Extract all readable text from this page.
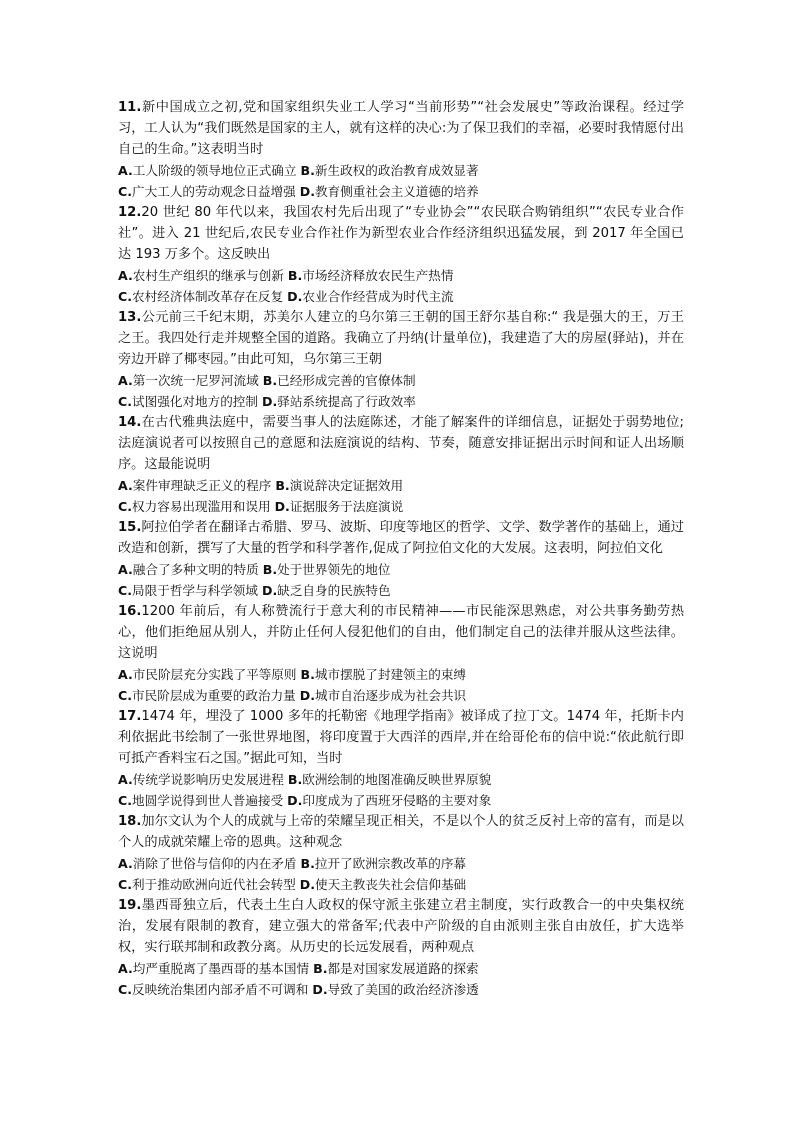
11.新中国成立之初,党和国家组织失业工人学习“当前形势”“社会发展史”等政治课程。经过学习，工人认为“我们既然是国家的主人，就有这样的决心:为了保卫我们的幸福，必要时我情愿付出自己的生命。”这表明当时

A.工人阶级的领导地位正式确立 B.新生政权的政治教育成效显著

C.广大工人的劳动观念日益增强 D.教育侧重社会主义道德的培养

12.20 世纪 80 年代以来，我国农村先后出现了“专业协会”“农民联合购销组织”“农民专业合作社”。进入 21 世纪后,农民专业合作社作为新型农业合作经济组织迅猛发展，到 2017 年全国已达 193 万多个。这反映出

A.农村生产组织的继承与创新 B.市场经济释放农民生产热情

C.农村经济体制改革存在反复 D.农业合作经营成为时代主流

13.公元前三千纪末期，苏美尔人建立的乌尔第三王朝的国王舒尔基自称:“ 我是强大的王，万王之王。我四处行走并规整全国的道路。我确立了丹纳(计量单位)，我建造了大的房屋(驿站)，并在旁边开辟了椰枣园。”由此可知，乌尔第三王朝

A.第一次统一尼罗河流域 B.已经形成完善的官僚体制

C.试图强化对地方的控制 D.驿站系统提高了行政效率

14.在古代雅典法庭中，需要当事人的法庭陈述，才能了解案件的详细信息，证据处于弱势地位;法庭演说者可以按照自己的意愿和法庭演说的结构、节奏，随意安排证据出示时间和证人出场顺序。这最能说明

A.案件审理缺乏正义的程序 B.演说辞决定证据效用

C.权力容易出现滥用和误用 D.证据服务于法庭演说

15.阿拉伯学者在翻译古希腊、罗马、波斯、印度等地区的哲学、文学、数学著作的基础上，通过改造和创新，撰写了大量的哲学和科学著作,促成了阿拉伯文化的大发展。这表明，阿拉伯文化

A.融合了多种文明的特质 B.处于世界领先的地位

C.局限于哲学与科学领域 D.缺乏自身的民族特色

16.1200 年前后，有人称赞流行于意大利的市民精神——市民能深思熟虑，对公共事务勤劳热心，他们拒绝屈从别人，并防止任何人侵犯他们的自由，他们制定自己的法律并服从这些法律。这说明

A.市民阶层充分实践了平等原则 B.城市摆脱了封建领主的束缚

C.市民阶层成为重要的政治力量 D.城市自治逐步成为社会共识

17.1474 年，埋没了 1000 多年的托勒密《地理学指南》被译成了拉丁文。1474 年，托斯卡内利依据此书绘制了一张世界地图，将印度置于大西洋的西岸,并在给哥伦布的信中说:“依此航行即可抵产香料宝石之国。”据此可知，当时

A.传统学说影响历史发展进程 B.欧洲绘制的地图准确反映世界原貌

C.地圆学说得到世人普遍接受 D.印度成为了西班牙侵略的主要对象

18.加尔文认为个人的成就与上帝的荣耀呈现正相关，不是以个人的贫乏反衬上帝的富有，而是以个人的成就荣耀上帝的恩典。这种观念

A.消除了世俗与信仰的内在矛盾 B.拉开了欧洲宗教改革的序幕

C.利于推动欧洲向近代社会转型 D.使天主教丧失社会信仰基础

19.墨西哥独立后，代表土生白人政权的保守派主张建立君主制度，实行政教合一的中央集权统治，发展有限制的教育，建立强大的常备军;代表中产阶级的自由派则主张自由放任，扩大选举权，实行联邦制和政教分离。从历史的长远发展看，两种观点

A.均严重脱离了墨西哥的基本国情 B.都是对国家发展道路的探索

C.反映统治集团内部矛盾不可调和 D.导致了美国的政治经济渗透
